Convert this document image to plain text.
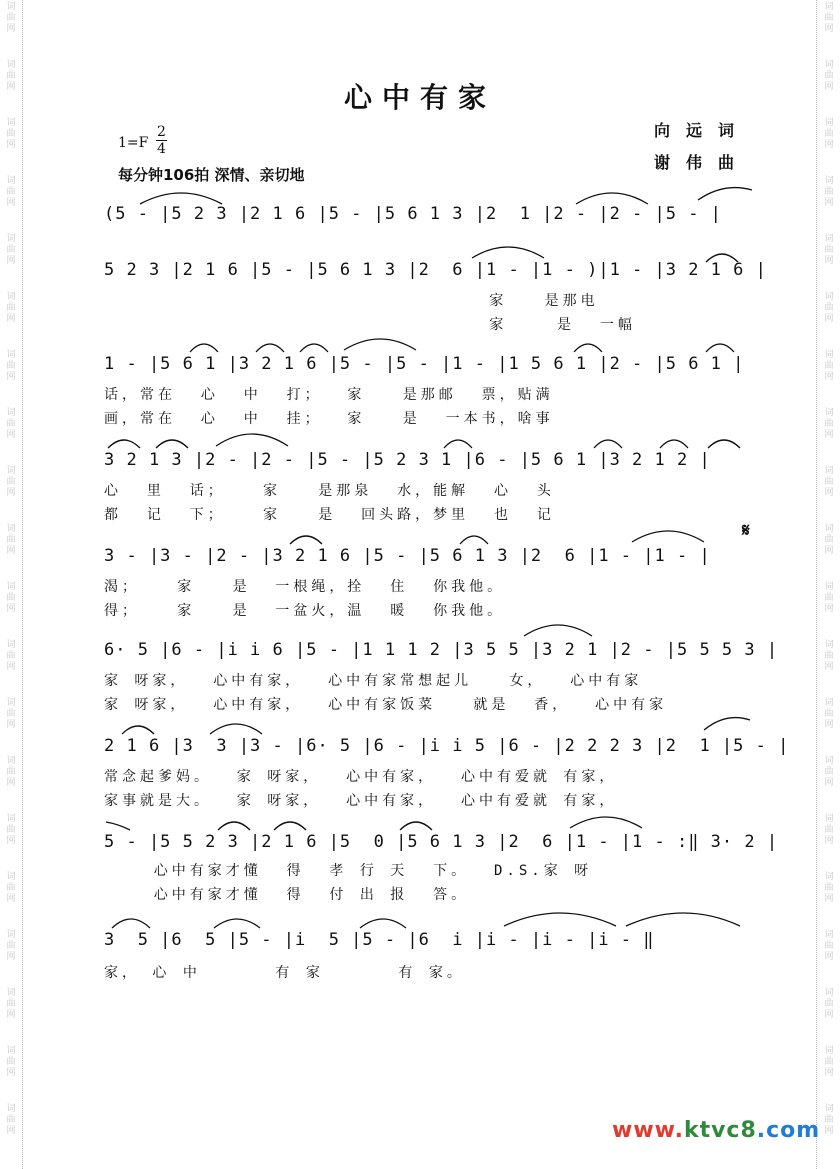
词
曲
网
词
曲
网
词
曲
网
词
曲
网
词
曲
网
词
曲
网
词
曲
网
词
曲
网
词
曲
网
词
曲
网
词
曲
网
词
曲
网
词
曲
网
词
曲
网
词
曲
网
词
曲
网
词
曲
网
词
曲
网
词
曲
网
词
曲
网
词
曲
网
词
曲
网
词
曲
网
词
曲
网
词
曲
网
词
曲
网
词
曲
网
词
曲
网
词
曲
网
词
曲
网
词
曲
网
词
曲
网
词
曲
网
词
曲
网
词
曲
网
词
曲
网
词
曲
网
词
曲
网
词
曲
网
词
曲
网
心中有家
$1=F \frac{2}{4}$
每分钟106拍 深情、亲切地
向远词
谢伟曲
(5 - |5 2 3 |2 1 6 |5 - |5 6 1 3 |2  1 |2 - |2 - |5 - |
5 2 3 |2 1 6 |5 - |5 6 1 3 |2  6 |1 - |1 - )|1 - |3 2 1 6 |
家   是那电
家    是  一幅
1 - |5 6 1 |3 2 1 6 |5 - |5 - |1 - |1 5 6 1 |2 - |5 6 1 |
话，常在  心  中  打；  家   是那邮  票，贴满
画，常在  心  中  挂；  家   是  一本书，啥事
3 2 1 3 |2 - |2 - |5 - |5 2 3 1 |6 - |5 6 1 |3 2 1 2 |
心  里  话；   家   是那泉  水，能解  心  头
都  记  下；   家   是  回头路，梦里  也  记
3 - |3 - |2 - |3 2 1 6 |5 - |5 6 1 3 |2  6 |1 - |1 - |
𝄋
渴；   家   是  一根绳，拴  住  你我他。
得；   家   是  一盆火，温  暖  你我他。
6· 5 |6 - |i i 6 |5 - |1 1 1 2 |3 5 5 |3 2 1 |2 - |5 5 5 3 |
家 呀家，  心中有家，  心中有家常想起儿   女，  心中有家
家 呀家，  心中有家，  心中有家饭菜   就是  香，  心中有家
2 1 6 |3  3 |3 - |6· 5 |6 - |i i 5 |6 - |2 2 2 3 |2  1 |5 - |
常念起爹妈。  家 呀家，  心中有家，  心中有爱就 有家，
家事就是大。  家 呀家，  心中有家，  心中有爱就 有家，
5 - |5 5 2 3 |2 1 6 |5  0 |5 6 1 3 |2  6 |1 - |1 - :‖ 3· 2 |
心中有家才懂  得  孝 行 天  下。  D.S.家 呀
心中有家才懂  得  付 出 报  答。
3  5 |6  5 |5 - |i  5 |5 - |6  i |i - |i - |i - ‖
家， 心 中      有 家      有 家。
www.ktvc8.com
